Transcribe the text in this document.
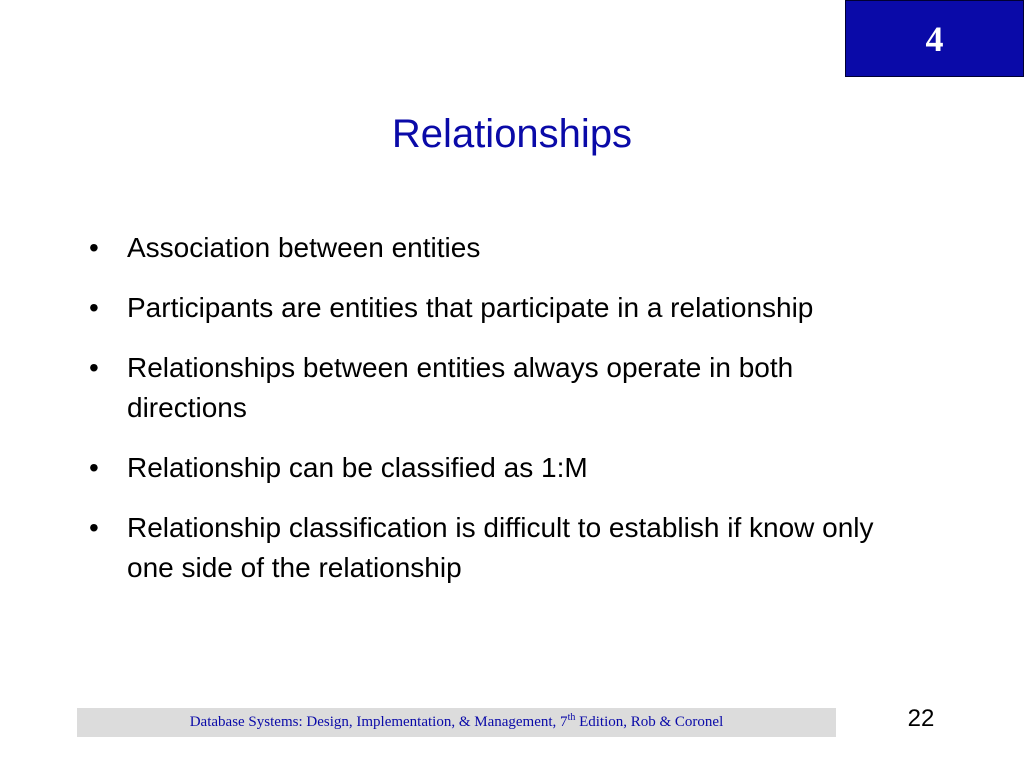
4
Relationships
• Association between entities
• Participants are entities that participate in a relationship
• Relationships between entities always operate in both directions
• Relationship can be classified as 1:M
• Relationship classification is difficult to establish if know only one side of the relationship
Database Systems: Design, Implementation, & Management, 7th Edition, Rob & Coronel	22
